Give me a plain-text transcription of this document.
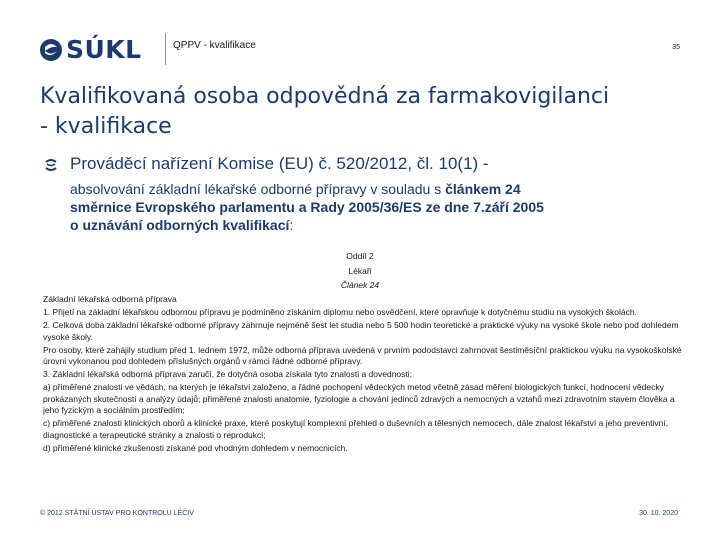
SÚKL	QPPV - kvalifikace	35
Kvalifikovaná osoba odpovědná za farmakovigilanci
- kvalifikace
Prováděcí nařízení Komise (EU) č. 520/2012, čl. 10(1) -
absolvování základní lékařské odborné přípravy v souladu s článkem 24
směrnice Evropského parlamentu a Rady 2005/36/ES ze dne 7.září 2005
o uznávání odborných kvalifikací:
Oddíl 2
Lékaři
Článek 24

Základní lékařská odborná příprava

1. Přijetí na základní lékařskou odbornou přípravu je podmíněno získáním diplomu nebo osvědčení, které opravňuje k dotyčnému studiu na vysokých školách.

2. Celková doba základní lékařské odborné přípravy zahrnuje nejméně šest let studia nebo 5 500 hodin teoretické a praktické výuky na vysoké škole nebo pod dohledem vysoké školy.

Pro osoby, které zahájily studium před 1. lednem 1972, může odborná příprava uvedená v prvním pododstavci zahrnovat šestiměsíční praktickou výuku na vysokoškolské úrovni vykonanou pod dohledem příslušných orgánů v rámci řádné odborné přípravy.

3. Základní lékařská odborná příprava zaručí, že dotyčná osoba získala tyto znalosti a dovednosti:

a) přiměřené znalosti ve vědách, na kterých je lékařství založeno, a řádné pochopení vědeckých metod včetně zásad měření biologických funkcí, hodnocení vědecky prokázaných skutečností a analýzy údajů; přiměřené znalosti anatomie, fyziologie a chování jedinců zdravých a nemocných a vztahů mezi zdravotním stavem člověka a jeho fyzickým a sociálním prostředím;

c) přiměřené znalosti klinických oborů a klinické praxe, které poskytují komplexní přehled o duševních a tělesných nemocech, dále znalost lékařství a jeho preventivní, diagnostické a terapeutické stránky a znalosti o reprodukci;

d) přiměřené klinické zkušenosti získané pod vhodným dohledem v nemocnicích.

© 2012 STÁTNÍ ÚSTAV PRO KONTROLU LÉČIV	30. 10. 2020
